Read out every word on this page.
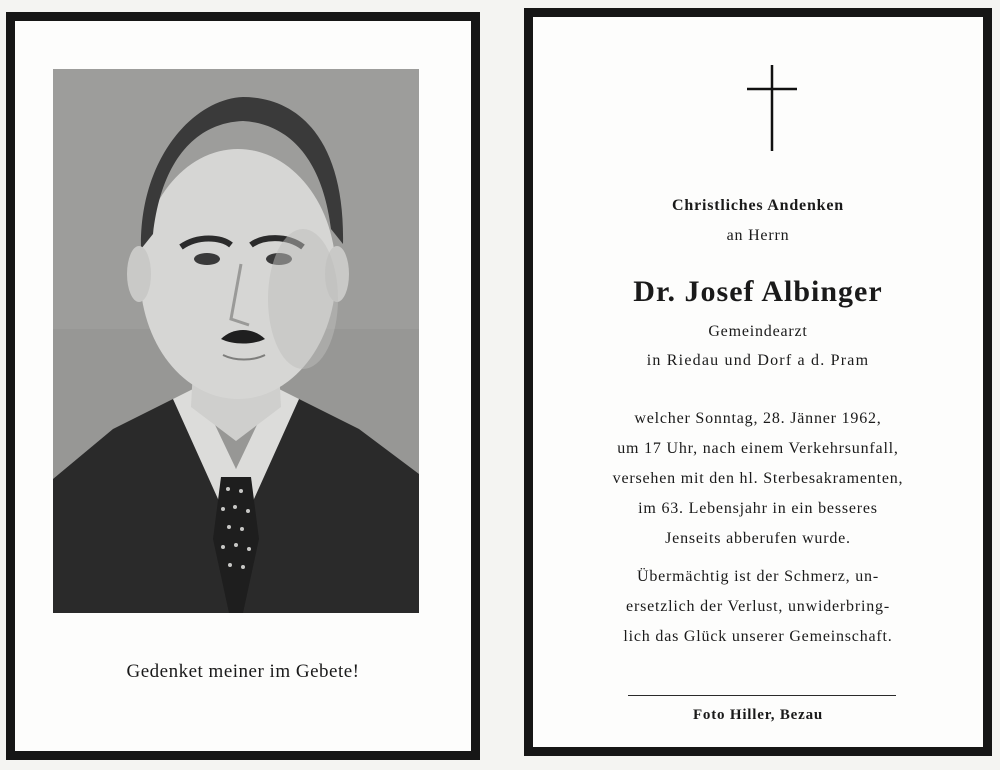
Gedenket meiner im Gebete!
Christliches Andenken
an Herrn
Dr. Josef Albinger
Gemeindearzt
in Riedau und Dorf a d. Pram
welcher Sonntag, 28. Jänner 1962,
um 17 Uhr, nach einem Verkehrsunfall,
versehen mit den hl. Sterbesakramenten,
im 63. Lebensjahr in ein besseres
Jenseits abberufen wurde.
Übermächtig ist der Schmerz, un-
ersetzlich der Verlust, unwiderbring-
lich das Glück unserer Gemeinschaft.
Foto Hiller, Bezau
